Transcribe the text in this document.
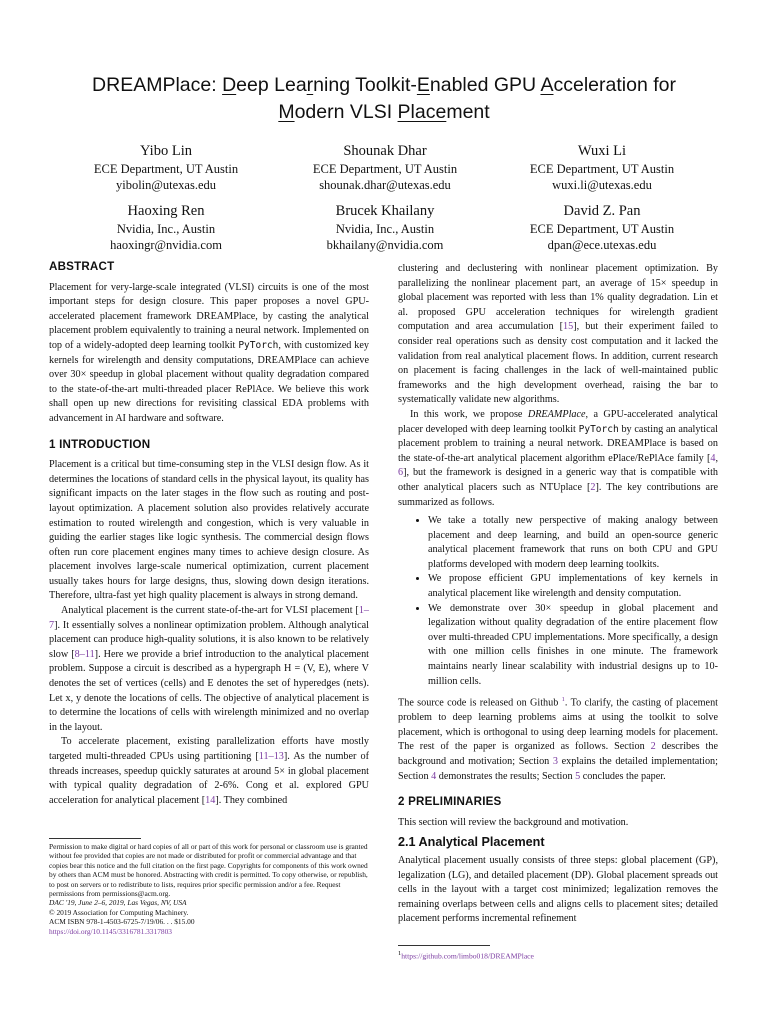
DREAMPlace: Deep Learning Toolkit-Enabled GPU Acceleration for
Modern VLSI Placement
Yibo Lin
ECE Department, UT Austin
yibolin@utexas.edu
Shounak Dhar
ECE Department, UT Austin
shounak.dhar@utexas.edu
Wuxi Li
ECE Department, UT Austin
wuxi.li@utexas.edu
Haoxing Ren
Nvidia, Inc., Austin
haoxingr@nvidia.com
Brucek Khailany
Nvidia, Inc., Austin
bkhailany@nvidia.com
David Z. Pan
ECE Department, UT Austin
dpan@ece.utexas.edu
ABSTRACT

Placement for very-large-scale integrated (VLSI) circuits is one of the most important steps for design closure. This paper proposes a novel GPU-accelerated placement framework DREAMPlace, by casting the analytical placement problem equivalently to training a neural network. Implemented on top of a widely-adopted deep learning toolkit PyTorch, with customized key kernels for wirelength and density computations, DREAMPlace can achieve over 30× speedup in global placement without quality degradation compared to the state-of-the-art multi-threaded placer RePlAce. We believe this work shall open up new directions for revisiting classical EDA problems with advancement in AI hardware and software.

1 INTRODUCTION

Placement is a critical but time-consuming step in the VLSI design flow. As it determines the locations of standard cells in the physical layout, its quality has significant impacts on the later stages in the flow such as routing and post-layout optimization. A placement solution also provides relatively accurate estimation to routed wirelength and congestion, which is very valuable in guiding the earlier stages like logic synthesis. The commercial design flows often run core placement engines many times to achieve design closure. As placement involves large-scale numerical optimization, current placement usually takes hours for large designs, thus, slowing down design iterations. Therefore, ultra-fast yet high quality placement is always in strong demand.

Analytical placement is the current state-of-the-art for VLSI placement [1–7]. It essentially solves a nonlinear optimization problem. Although analytical placement can produce high-quality solutions, it is also known to be relatively slow [8–11]. Here we provide a brief introduction to the analytical placement problem. Suppose a circuit is described as a hypergraph H = (V, E), where V denotes the set of vertices (cells) and E denotes the set of hyperedges (nets). Let x, y denote the locations of cells. The objective of analytical placement is to determine the locations of cells with wirelength minimized and no overlap in the layout.

To accelerate placement, existing parallelization efforts have mostly targeted multi-threaded CPUs using partitioning [11–13]. As the number of threads increases, speedup quickly saturates at around 5× in global placement with typical quality degradation of 2-6%. Cong et al. explored GPU acceleration for analytical placement [14]. They combined

clustering and declustering with nonlinear placement optimization. By parallelizing the nonlinear placement part, an average of 15× speedup in global placement was reported with less than 1% quality degradation. Lin et al. proposed GPU acceleration techniques for wirelength gradient computation and area accumulation [15], but their experiment failed to consider real operations such as density cost computation and it lacked the validation from real analytical placement flows. In addition, current research on placement is facing challenges in the lack of well-maintained public frameworks and the high development overhead, raising the bar to systematically validate new algorithms.

In this work, we propose DREAMPlace, a GPU-accelerated analytical placer developed with deep learning toolkit PyTorch by casting an analytical placement problem to training a neural network. DREAMPlace is based on the state-of-the-art analytical placement algorithm ePlace/RePlAce family [4, 6], but the framework is designed in a generic way that is compatible with other analytical placers such as NTUplace [2]. The key contributions are summarized as follows.

• We take a totally new perspective of making analogy between placement and deep learning, and build an open-source generic analytical placement framework that runs on both CPU and GPU platforms developed with modern deep learning toolkits.
• We propose efficient GPU implementations of key kernels in analytical placement like wirelength and density computation.
• We demonstrate over 30× speedup in global placement and legalization without quality degradation of the entire placement flow over multi-threaded CPU implementations. More specifically, a design with one million cells finishes in one minute. The framework maintains nearly linear scalability with industrial designs up to 10-million cells.

The source code is released on Github $^1$. To clarify, the casting of placement problem to deep learning problems aims at using the toolkit to solve placement, which is orthogonal to using deep learning models for placement. The rest of the paper is organized as follows. Section 2 describes the background and motivation; Section 3 explains the detailed implementation; Section 4 demonstrates the results; Section 5 concludes the paper.

2 PRELIMINARIES

This section will review the background and motivation.

2.1 Analytical Placement

Analytical placement usually consists of three steps: global placement (GP), legalization (LG), and detailed placement (DP). Global placement spreads out cells in the layout with a target cost minimized; legalization removes the remaining overlaps between cells and aligns cells to placement sites; detailed placement performs incremental refinement

Permission to make digital or hard copies of all or part of this work for personal or classroom use is granted without fee provided that copies are not made or distributed for profit or commercial advantage and that copies bear this notice and the full citation on the first page. Copyrights for components of this work owned by others than ACM must be honored. Abstracting with credit is permitted. To copy otherwise, or republish, to post on servers or to redistribute to lists, requires prior specific permission and/or a fee. Request permissions from permissions@acm.org.
DAC '19, June 2–6, 2019, Las Vegas, NV, USA
© 2019 Association for Computing Machinery.
ACM ISBN 978-1-4503-6725-7/19/06. . . $15.00
https://doi.org/10.1145/3316781.3317803
$^1$https://github.com/limbo018/DREAMPlace
